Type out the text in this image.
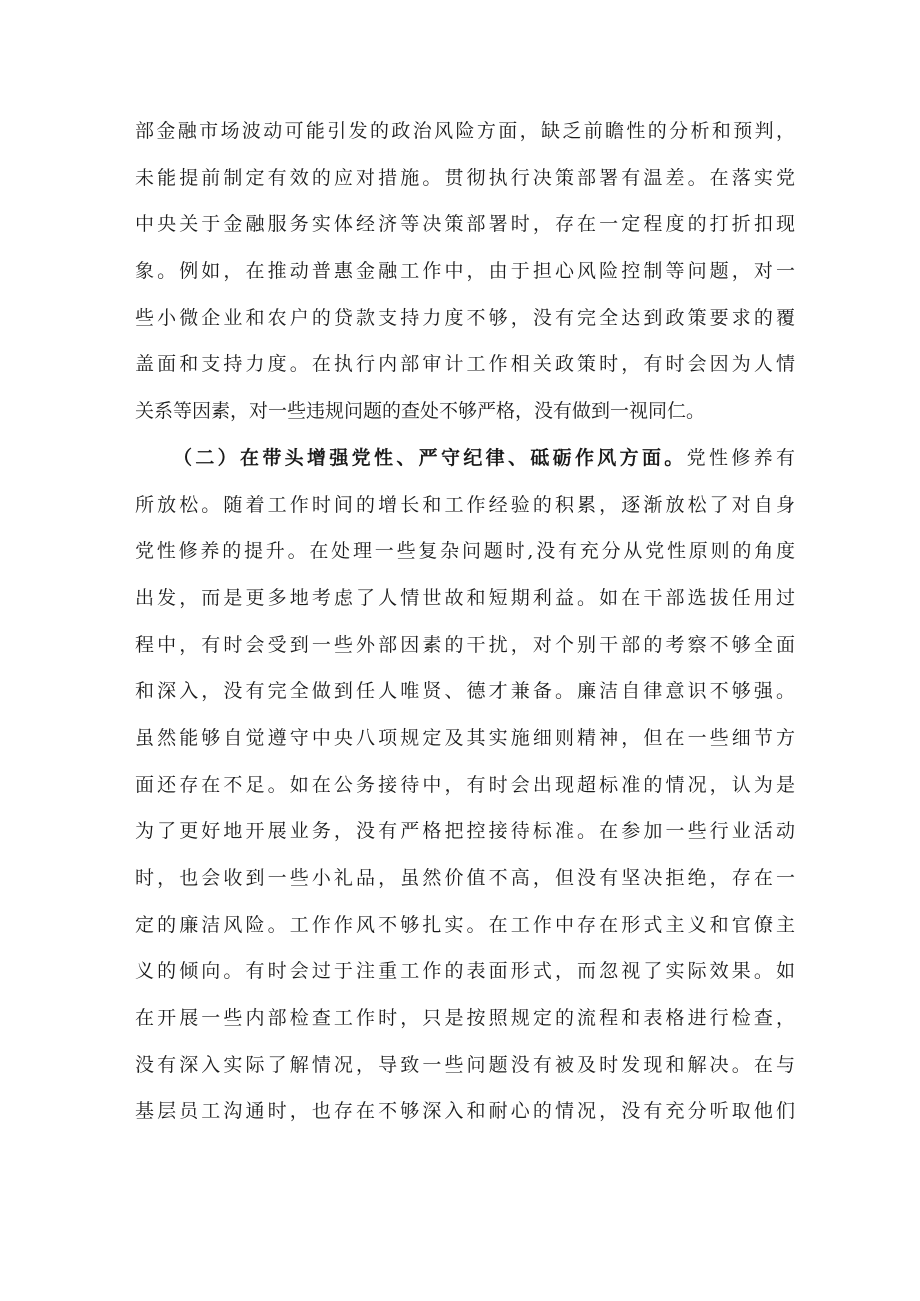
部金融市场波动可能引发的政治风险方面，缺乏前瞻性的分析和预判，
未能提前制定有效的应对措施。贯彻执行决策部署有温差。在落实党
中央关于金融服务实体经济等决策部署时，存在一定程度的打折扣现
象。例如，在推动普惠金融工作中，由于担心风险控制等问题，对一
些小微企业和农户的贷款支持力度不够，没有完全达到政策要求的覆
盖面和支持力度。在执行内部审计工作相关政策时，有时会因为人情
关系等因素，对一些违规问题的查处不够严格，没有做到一视同仁。
（二）在带头增强党性、严守纪律、砥砺作风方面。党性修养有
所放松。随着工作时间的增长和工作经验的积累，逐渐放松了对自身
党性修养的提升。在处理一些复杂问题时,没有充分从党性原则的角度
出发，而是更多地考虑了人情世故和短期利益。如在干部选拔任用过
程中，有时会受到一些外部因素的干扰，对个别干部的考察不够全面
和深入，没有完全做到任人唯贤、德才兼备。廉洁自律意识不够强。
虽然能够自觉遵守中央八项规定及其实施细则精神，但在一些细节方
面还存在不足。如在公务接待中，有时会出现超标准的情况，认为是
为了更好地开展业务，没有严格把控接待标准。在参加一些行业活动
时，也会收到一些小礼品，虽然价值不高，但没有坚决拒绝，存在一
定的廉洁风险。工作作风不够扎实。在工作中存在形式主义和官僚主
义的倾向。有时会过于注重工作的表面形式，而忽视了实际效果。如
在开展一些内部检查工作时，只是按照规定的流程和表格进行检查，
没有深入实际了解情况，导致一些问题没有被及时发现和解决。在与
基层员工沟通时，也存在不够深入和耐心的情况，没有充分听取他们
